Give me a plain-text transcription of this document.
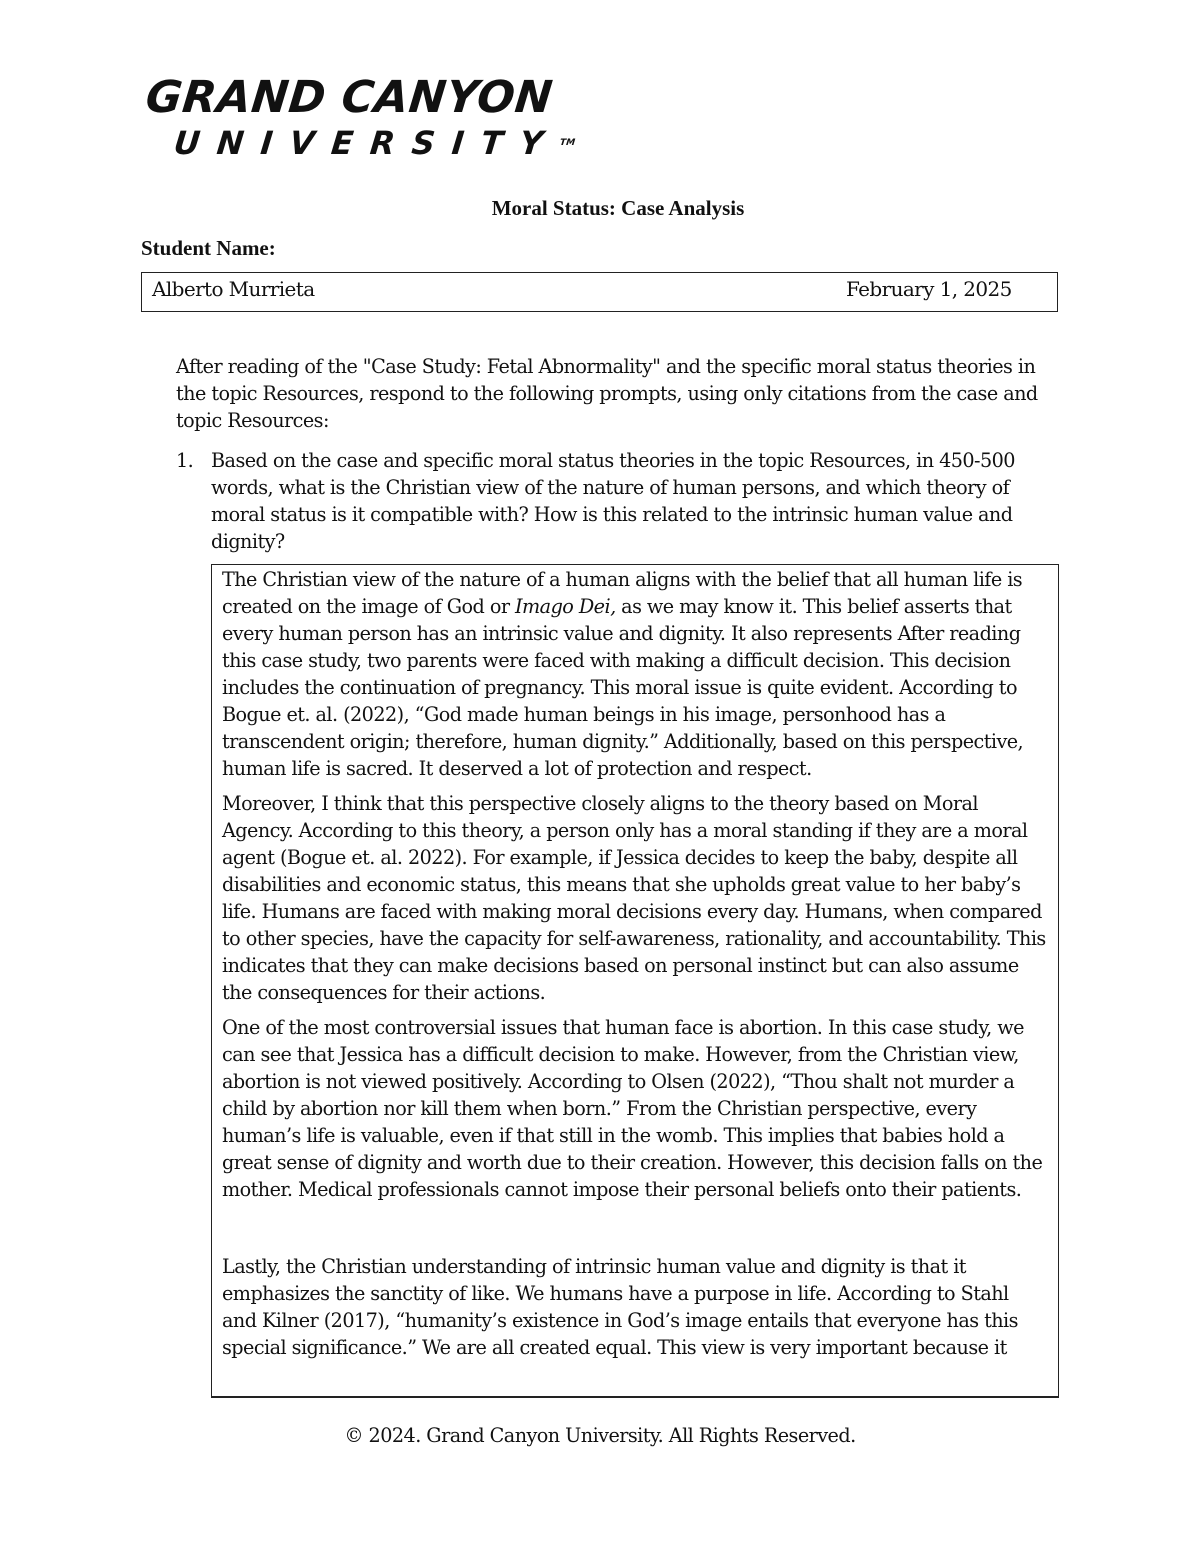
GRAND CANYON
UNIVERSITY™
Moral Status: Case Analysis
Student Name:
Alberto Murrieta	February 1, 2025
After reading of the "Case Study: Fetal Abnormality" and the specific moral status theories in the topic Resources, respond to the following prompts, using only citations from the case and topic Resources:
1. Based on the case and specific moral status theories in the topic Resources, in 450-500 words, what is the Christian view of the nature of human persons, and which theory of moral status is it compatible with? How is this related to the intrinsic human value and dignity?

The Christian view of the nature of a human aligns with the belief that all human life is created on the image of God or Imago Dei, as we may know it. This belief asserts that every human person has an intrinsic value and dignity. It also represents After reading this case study, two parents were faced with making a difficult decision. This decision includes the continuation of pregnancy. This moral issue is quite evident. According to Bogue et. al. (2022), “God made human beings in his image, personhood has a transcendent origin; therefore, human dignity.” Additionally, based on this perspective, human life is sacred. It deserved a lot of protection and respect.

Moreover, I think that this perspective closely aligns to the theory based on Moral Agency. According to this theory, a person only has a moral standing if they are a moral agent (Bogue et. al. 2022). For example, if Jessica decides to keep the baby, despite all disabilities and economic status, this means that she upholds great value to her baby’s life. Humans are faced with making moral decisions every day. Humans, when compared to other species, have the capacity for self-awareness, rationality, and accountability. This indicates that they can make decisions based on personal instinct but can also assume the consequences for their actions.

One of the most controversial issues that human face is abortion. In this case study, we can see that Jessica has a difficult decision to make. However, from the Christian view, abortion is not viewed positively. According to Olsen (2022), “Thou shalt not murder a child by abortion nor kill them when born.” From the Christian perspective, every human’s life is valuable, even if that still in the womb. This implies that babies hold a great sense of dignity and worth due to their creation. However, this decision falls on the mother. Medical professionals cannot impose their personal beliefs onto their patients.

Lastly, the Christian understanding of intrinsic human value and dignity is that it emphasizes the sanctity of like. We humans have a purpose in life. According to Stahl and Kilner (2017), “humanity’s existence in God’s image entails that everyone has this special significance.” We are all created equal. This view is very important because it

© 2024. Grand Canyon University. All Rights Reserved.
